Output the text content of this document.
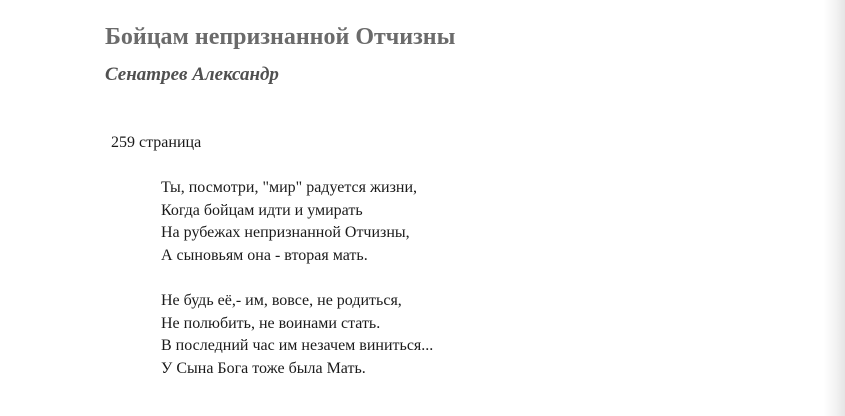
Бойцам непризнанной Отчизны
Сенатрев Александр
259 страница
Ты, посмотри, "мир" радуется жизни,
Когда бойцам идти и умирать
На рубежах непризнанной Отчизны,
А сыновьям она - вторая мать.
Не будь её,- им, вовсе, не родиться,
Не полюбить, не воинами стать.
В последний час им незачем виниться...
У Сына Бога тоже была Мать.
